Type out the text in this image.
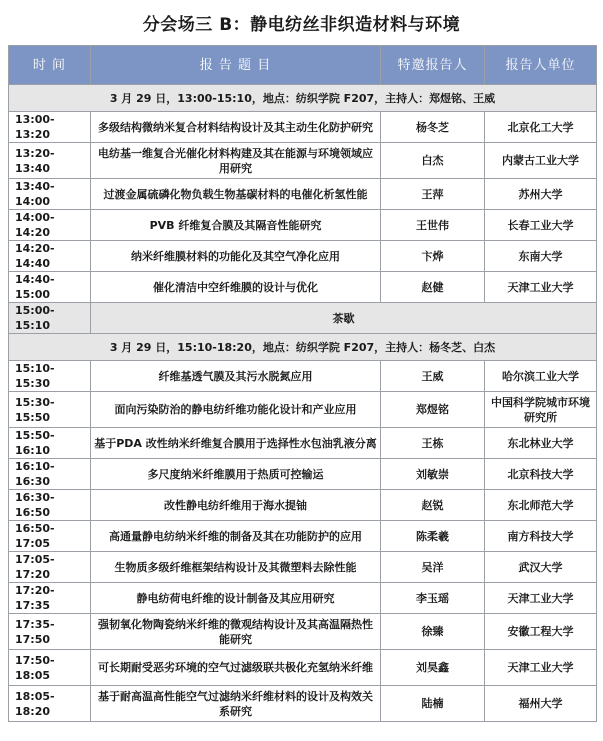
分会场三 B：静电纺丝非织造材料与环境
时 间	报 告 题 目	特邀报告人	报告人单位
3 月 29 日，13:00-15:10，地点：纺织学院 F207，主持人：郑煜铭、王威			
13:00-13:20	多级结构微纳米复合材料结构设计及其主动生化防护研究	杨冬芝	北京化工大学
13:20-13:40	电纺基一维复合光催化材料构建及其在能源与环境领域应用研究	白杰	内蒙古工业大学
13:40-14:00	过渡金属硫磷化物负载生物基碳材料的电催化析氢性能	王萍	苏州大学
14:00-14:20	PVB 纤维复合膜及其隔音性能研究	王世伟	长春工业大学
14:20-14:40	纳米纤维膜材料的功能化及其空气净化应用	卞烨	东南大学
14:40-15:00	催化清洁中空纤维膜的设计与优化	赵健	天津工业大学
15:00-15:10	茶歇		
3 月 29 日，15:10-18:20，地点：纺织学院 F207，主持人：杨冬芝、白杰			
15:10-15:30	纤维基透气膜及其污水脱氮应用	王威	哈尔滨工业大学
15:30-15:50	面向污染防治的静电纺纤维功能化设计和产业应用	郑煜铭	中国科学院城市环境研究所
15:50-16:10	基于PDA 改性纳米纤维复合膜用于选择性水包油乳液分离	王栋	东北林业大学
16:10-16:30	多尺度纳米纤维膜用于热质可控输运	刘敏崇	北京科技大学
16:30-16:50	改性静电纺纤维用于海水提铀	赵锐	东北师范大学
16:50-17:05	高通量静电纺纳米纤维的制备及其在功能防护的应用	陈柔羲	南方科技大学
17:05-17:20	生物质多级纤维框架结构设计及其微塑料去除性能	吴洋	武汉大学
17:20-17:35	静电纺荷电纤维的设计制备及其应用研究	李玉瑶	天津工业大学
17:35-17:50	强韧氧化物陶瓷纳米纤维的微观结构设计及其高温隔热性能研究	徐臻	安徽工程大学
17:50-18:05	可长期耐受恶劣环境的空气过滤级联共极化充氢纳米纤维	刘昊鑫	天津工业大学
18:05-18:20	基于耐高温高性能空气过滤纳米纤维材料的设计及构效关系研究	陆楠	福州大学
